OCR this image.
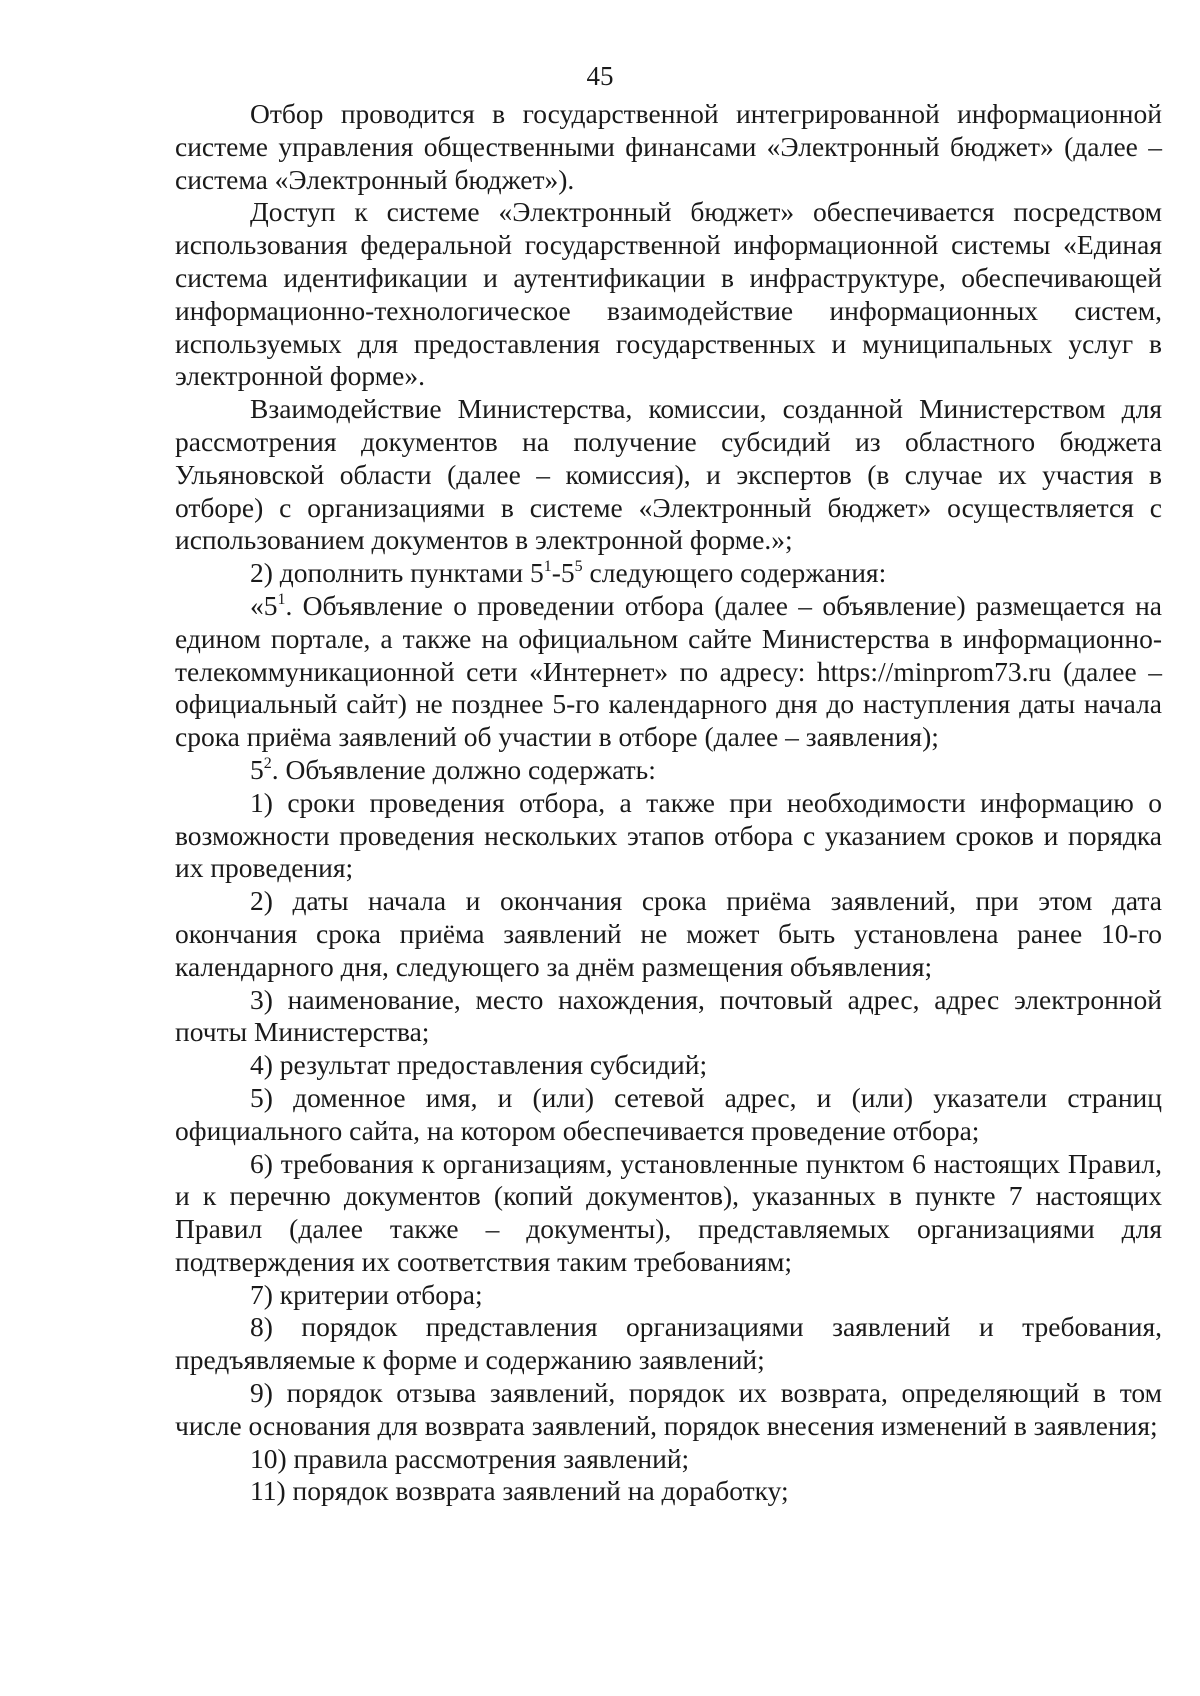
45

Отбор проводится в государственной интегрированной информационной системе управления общественными финансами «Электронный бюджет» (далее – система «Электронный бюджет»).

Доступ к системе «Электронный бюджет» обеспечивается посредством использования федеральной государственной информационной системы «Единая система идентификации и аутентификации в инфраструктуре, обеспечивающей информационно-технологическое взаимодействие информационных систем, используемых для предоставления государственных и муниципальных услуг в электронной форме».

Взаимодействие Министерства, комиссии, созданной Министерством для рассмотрения документов на получение субсидий из областного бюджета Ульяновской области (далее – комиссия), и экспертов (в случае их участия в отборе) с организациями в системе «Электронный бюджет» осуществляется с использованием документов в электронной форме.»;

2) дополнить пунктами $5^1-5^5$ следующего содержания:

«$5^1$. Объявление о проведении отбора (далее – объявление) размещается на едином портале, а также на официальном сайте Министерства в информационно-телекоммуникационной сети «Интернет» по адресу: https://minprom73.ru (далее – официальный сайт) не позднее 5-го календарного дня до наступления даты начала срока приёма заявлений об участии в отборе (далее – заявления);

$5^2$. Объявление должно содержать:

1) сроки проведения отбора, а также при необходимости информацию о возможности проведения нескольких этапов отбора с указанием сроков и порядка их проведения;

2) даты начала и окончания срока приёма заявлений, при этом дата окончания срока приёма заявлений не может быть установлена ранее 10-го календарного дня, следующего за днём размещения объявления;

3) наименование, место нахождения, почтовый адрес, адрес электронной почты Министерства;

4) результат предоставления субсидий;

5) доменное имя, и (или) сетевой адрес, и (или) указатели страниц официального сайта, на котором обеспечивается проведение отбора;

6) требования к организациям, установленные пунктом 6 настоящих Правил, и к перечню документов (копий документов), указанных в пункте 7 настоящих Правил (далее также – документы), представляемых организациями для подтверждения их соответствия таким требованиям;

7) критерии отбора;

8) порядок представления организациями заявлений и требования, предъявляемые к форме и содержанию заявлений;

9) порядок отзыва заявлений, порядок их возврата, определяющий в том числе основания для возврата заявлений, порядок внесения изменений в заявления;

10) правила рассмотрения заявлений;

11) порядок возврата заявлений на доработку;
